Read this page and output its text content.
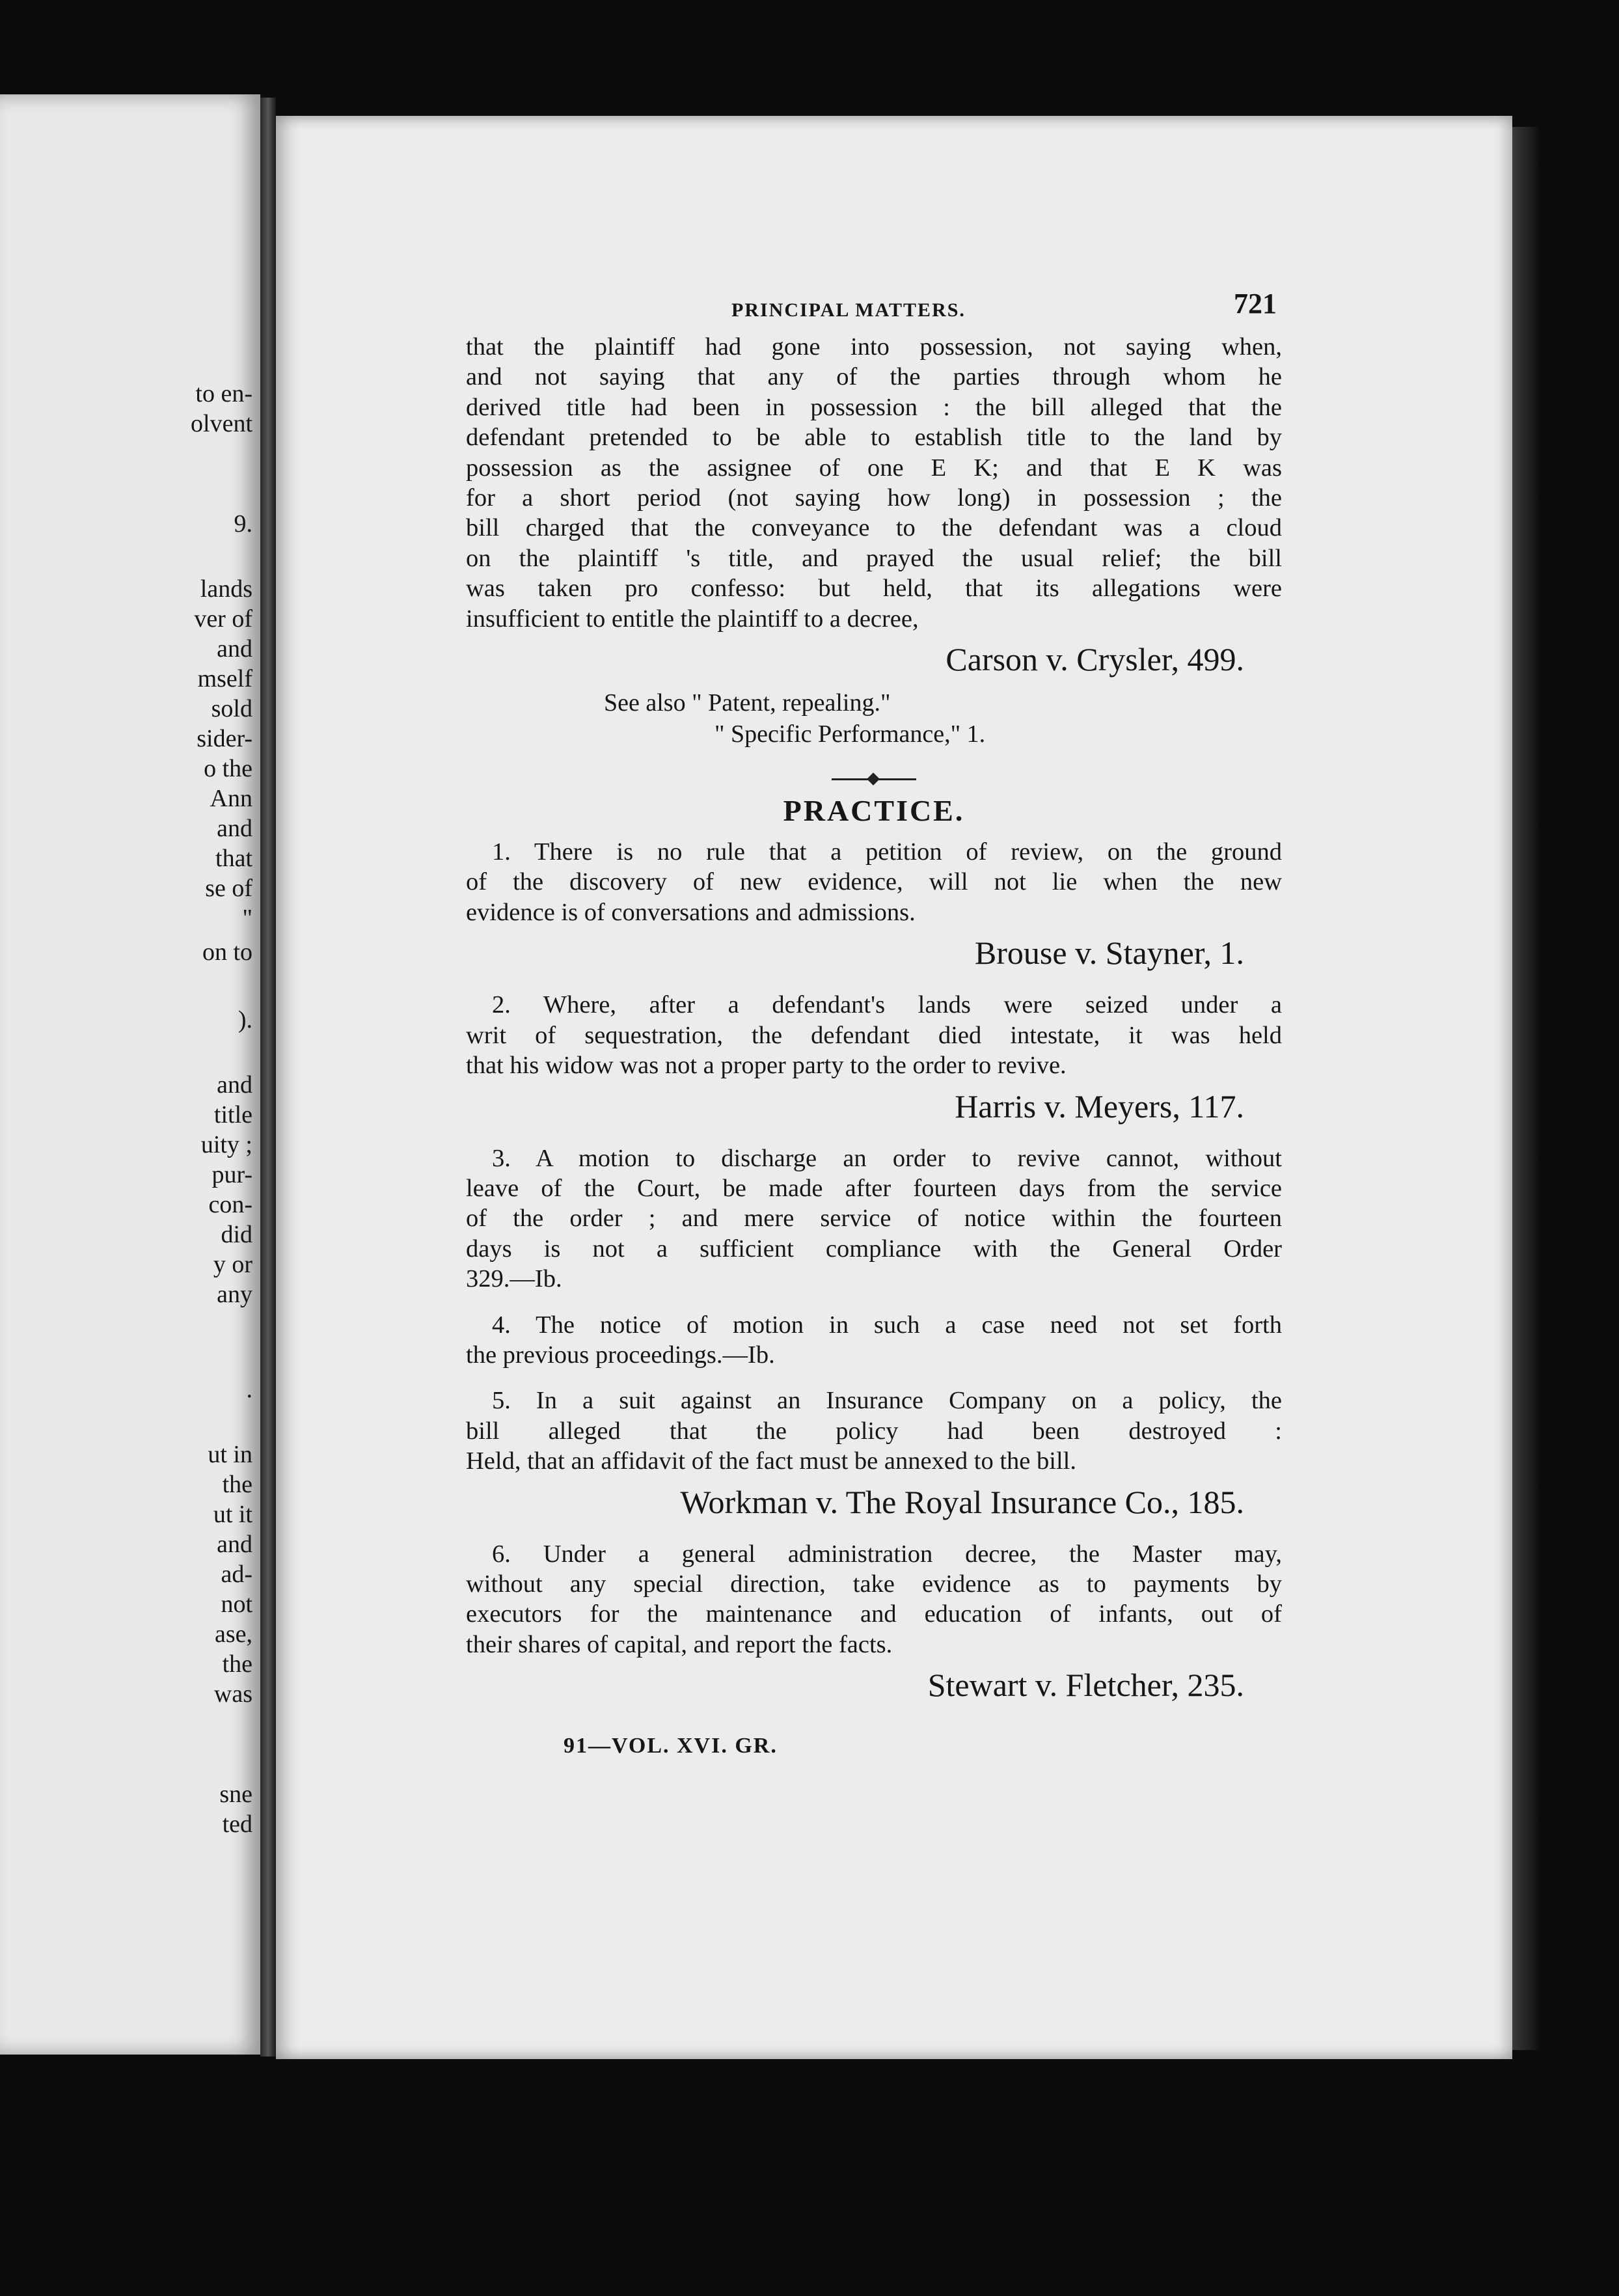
to en-
olvent
9.
lands
ver of
and
mself
sold
sider-
o the
Ann
and
that
se of
"
on to
).
and
title
uity ;
pur-
con-
did
y or
any
.
ut in
the
ut it
and
ad-
not
ase,
the
was
sne
ted
PRINCIPAL MATTERS.	721
that the plaintiff had gone into possession, not saying when,
and not saying that any of the parties through whom he
derived title had been in possession : the bill alleged that the
defendant pretended to be able to establish title to the land by
possession as the assignee of one E K; and that E K was
for a short period (not saying how long) in possession ; the
bill charged that the conveyance to the defendant was a cloud
on the plaintiff 's title, and prayed the usual relief; the bill
was taken pro confesso: but held, that its allegations were
insufficient to entitle the plaintiff to a decree,
Carson v. Crysler, 499.
See also " Patent, repealing."
" Specific Performance," 1.
PRACTICE.
1. There is no rule that a petition of review, on the ground
of the discovery of new evidence, will not lie when the new
evidence is of conversations and admissions.
Brouse v. Stayner, 1.
2. Where, after a defendant's lands were seized under a
writ of sequestration, the defendant died intestate, it was held
that his widow was not a proper party to the order to revive.
Harris v. Meyers, 117.
3. A motion to discharge an order to revive cannot, without
leave of the Court, be made after fourteen days from the service
of the order ; and mere service of notice within the fourteen
days is not a sufficient compliance with the General Order
329.—Ib.
4. The notice of motion in such a case need not set forth
the previous proceedings.—Ib.
5. In a suit against an Insurance Company on a policy, the
bill alleged that the policy had been destroyed :
Held, that an affidavit of the fact must be annexed to the bill.
Workman v. The Royal Insurance Co., 185.
6. Under a general administration decree, the Master may,
without any special direction, take evidence as to payments by
executors for the maintenance and education of infants, out of
their shares of capital, and report the facts.
Stewart v. Fletcher, 235.
91—VOL. XVI. GR.
